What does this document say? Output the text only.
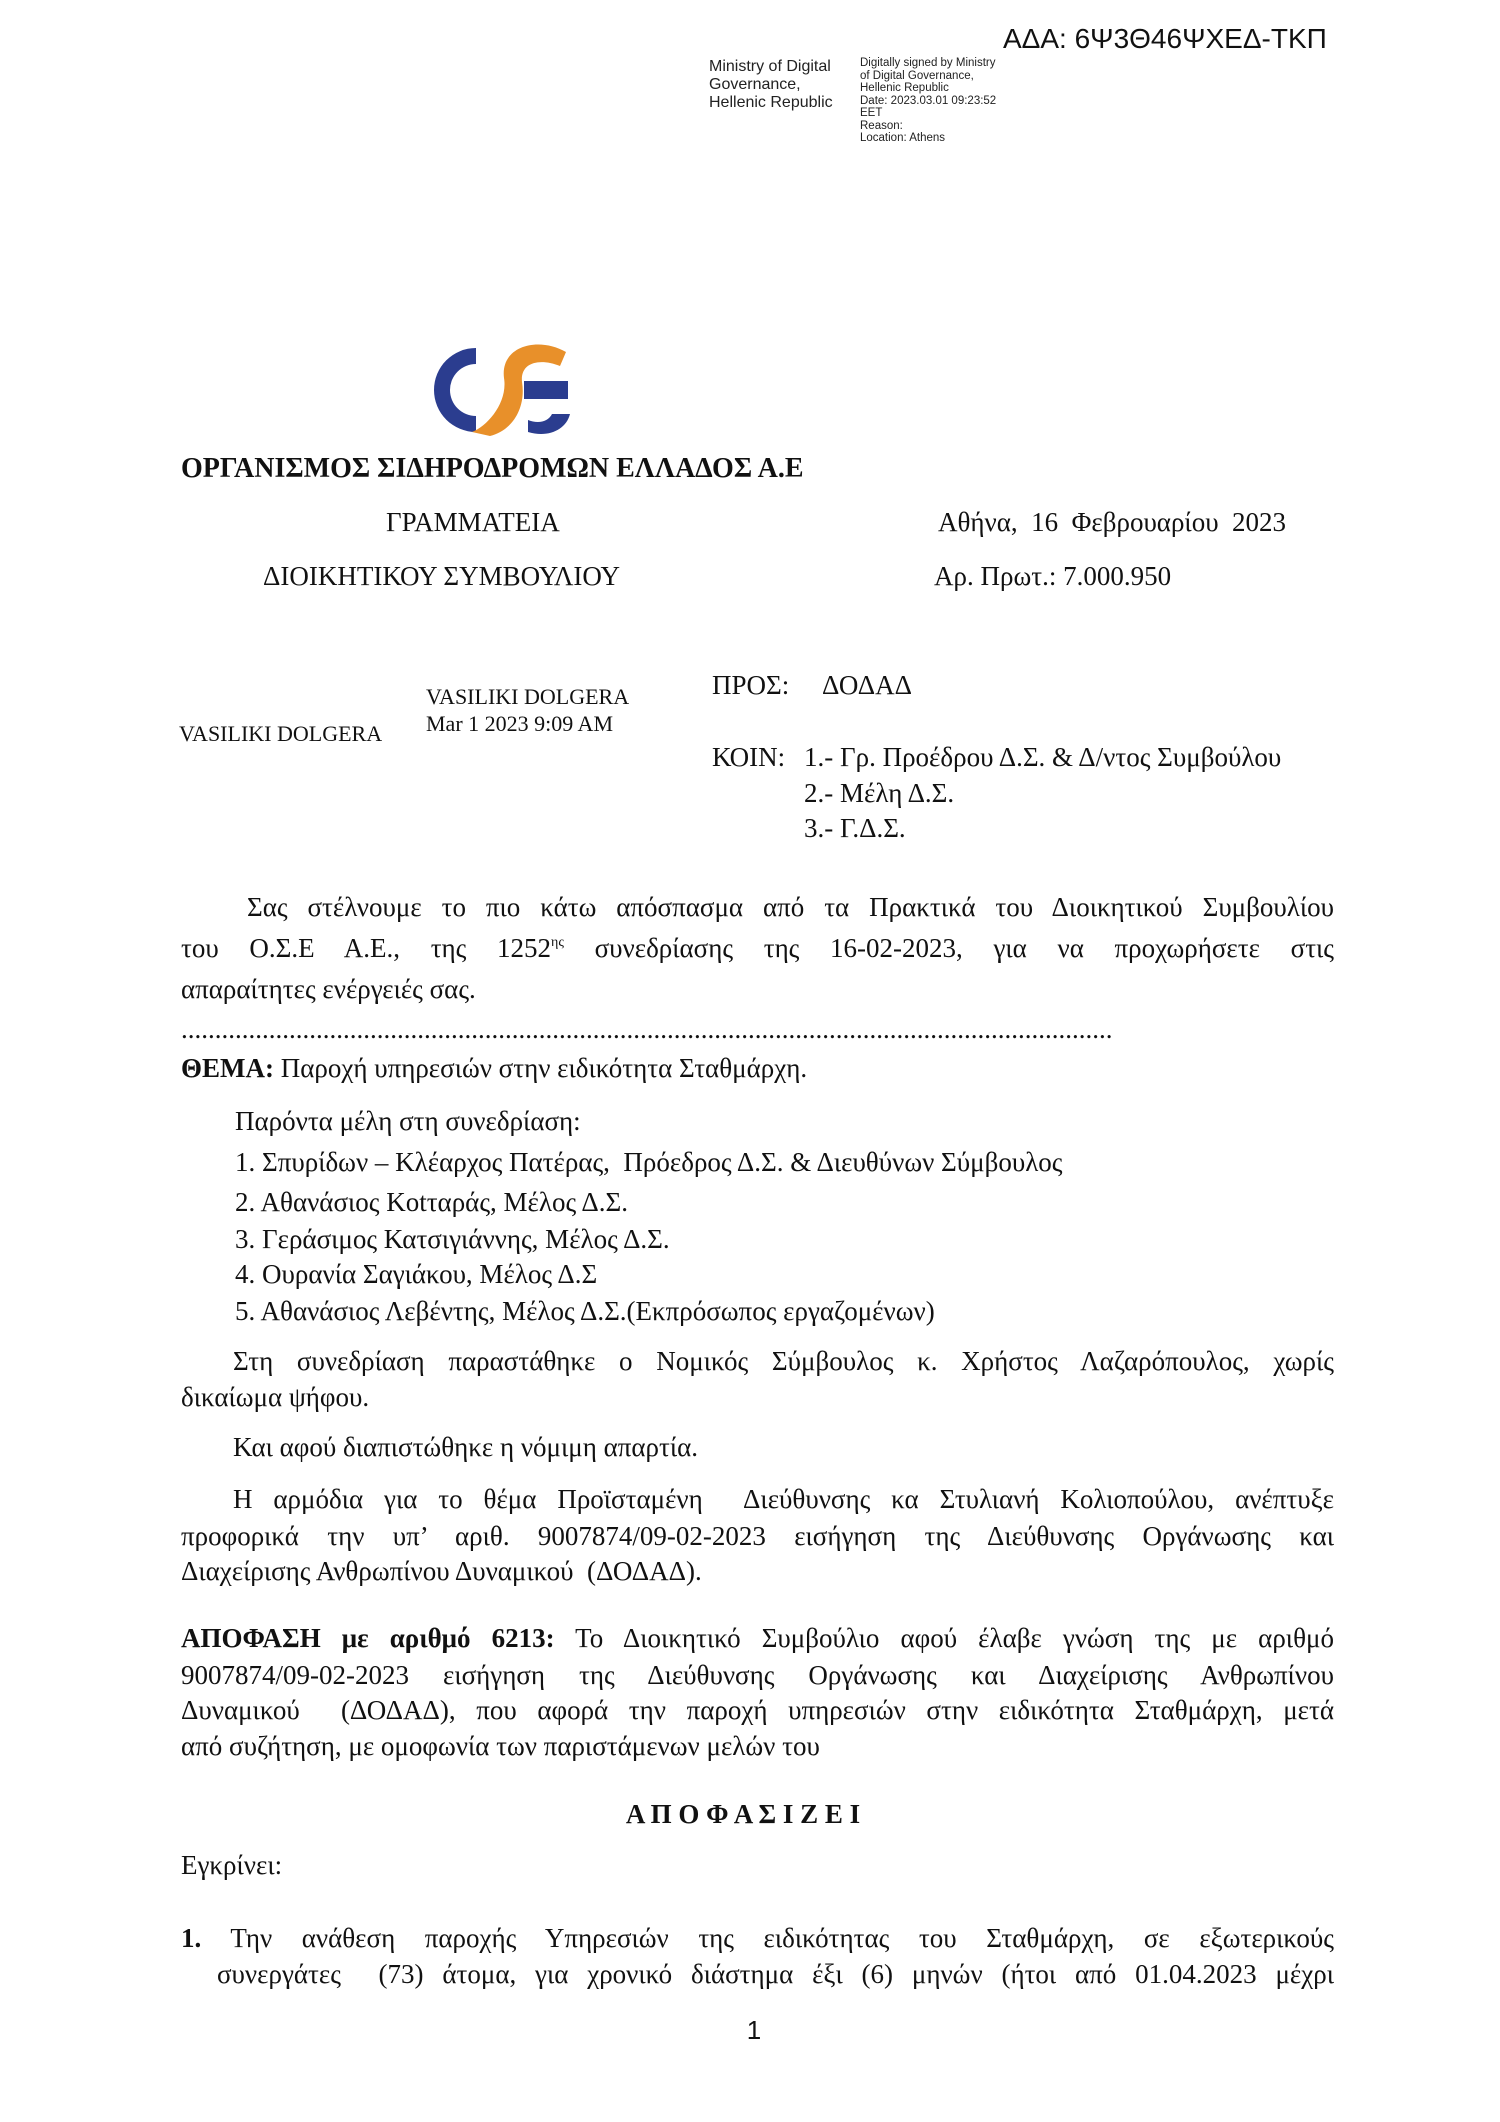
ΑΔΑ: 6Ψ3Θ46ΨΧΕΔ-ΤΚΠ
Ministry of Digital
Governance,
Hellenic Republic
Digitally signed by Ministry
of Digital Governance,
Hellenic Republic
Date: 2023.03.01 09:23:52
EET
Reason:
Location: Athens
ΟΡΓΑΝΙΣΜΟΣ ΣΙΔΗΡΟΔΡΟΜΩΝ ΕΛΛΑΔΟΣ Α.Ε
ΓΡΑΜΜΑΤΕΙΑ
ΔΙΟΙΚΗΤΙΚΟΥ ΣΥΜΒΟΥΛΙΟΥ
Αθήνα,  16  Φεβρουαρίου  2023
Αρ. Πρωτ.: 7.000.950
VASILIKI DOLGERA
VASILIKI DOLGERA
Mar 1 2023 9:09 AM
ΠΡΟΣ: ΔΟΔΑΔ
ΚΟΙΝ: 1.- Γρ. Προέδρου Δ.Σ. & Δ/ντος Συμβούλου
2.- Μέλη Δ.Σ.
3.- Γ.Δ.Σ.
Σας στέλνουμε το πιο κάτω απόσπασμα από τα Πρακτικά του Διοικητικού Συμβουλίου
του Ο.Σ.Ε Α.Ε., της $1252^{\eta\varsigma}$ συνεδρίασης της 16-02-2023, για να προχωρήσετε στις
απαραίτητες ενέργειές σας.
..........................................................................................................................................
ΘΕΜΑ: Παροχή υπηρεσιών στην ειδικότητα Σταθμάρχη.
Παρόντα μέλη στη συνεδρίαση:
1. Σπυρίδων – Κλέαρχος Πατέρας,  Πρόεδρος Δ.Σ. & Διευθύνων Σύμβουλος
2. Αθανάσιος Κotταράς, Μέλος Δ.Σ.
3. Γεράσιμος Κατσιγιάννης, Μέλος Δ.Σ.
4. Ουρανία Σαγιάκου, Μέλος Δ.Σ
5. Αθανάσιος Λεβέντης, Μέλος Δ.Σ.(Εκπρόσωπος εργαζομένων)
Στη συνεδρίαση παραστάθηκε ο Νομικός Σύμβουλος κ. Χρήστος Λαζαρόπουλος, χωρίς
δικαίωμα ψήφου.
Και αφού διαπιστώθηκε η νόμιμη απαρτία.
Η αρμόδια για το θέμα Προϊσταμένη  Διεύθυνσης κα Στυλιανή Κολιοπούλου, ανέπτυξε
προφορικά την υπ’ αριθ. 9007874/09-02-2023 εισήγηση της Διεύθυνσης Οργάνωσης και
Διαχείρισης Ανθρωπίνου Δυναμικού  (ΔΟΔΑΔ).
ΑΠΟΦΑΣΗ με αριθμό 6213: Το Διοικητικό Συμβούλιο αφού έλαβε γνώση της με αριθμό
9007874/09-02-2023 εισήγηση της Διεύθυνσης Οργάνωσης και Διαχείρισης Ανθρωπίνου
Δυναμικού  (ΔΟΔΑΔ), που αφορά την παροχή υπηρεσιών στην ειδικότητα Σταθμάρχη, μετά
από συζήτηση, με ομοφωνία των παριστάμενων μελών του
Α Π Ο Φ Α Σ Ι Ζ Ε Ι
Εγκρίνει:
1. Την ανάθεση παροχής Υπηρεσιών της ειδικότητας του Σταθμάρχη, σε εξωτερικούς
συνεργάτες  (73) άτομα, για χρονικό διάστημα έξι (6) μηνών (ήτοι από 01.04.2023 μέχρι
1
